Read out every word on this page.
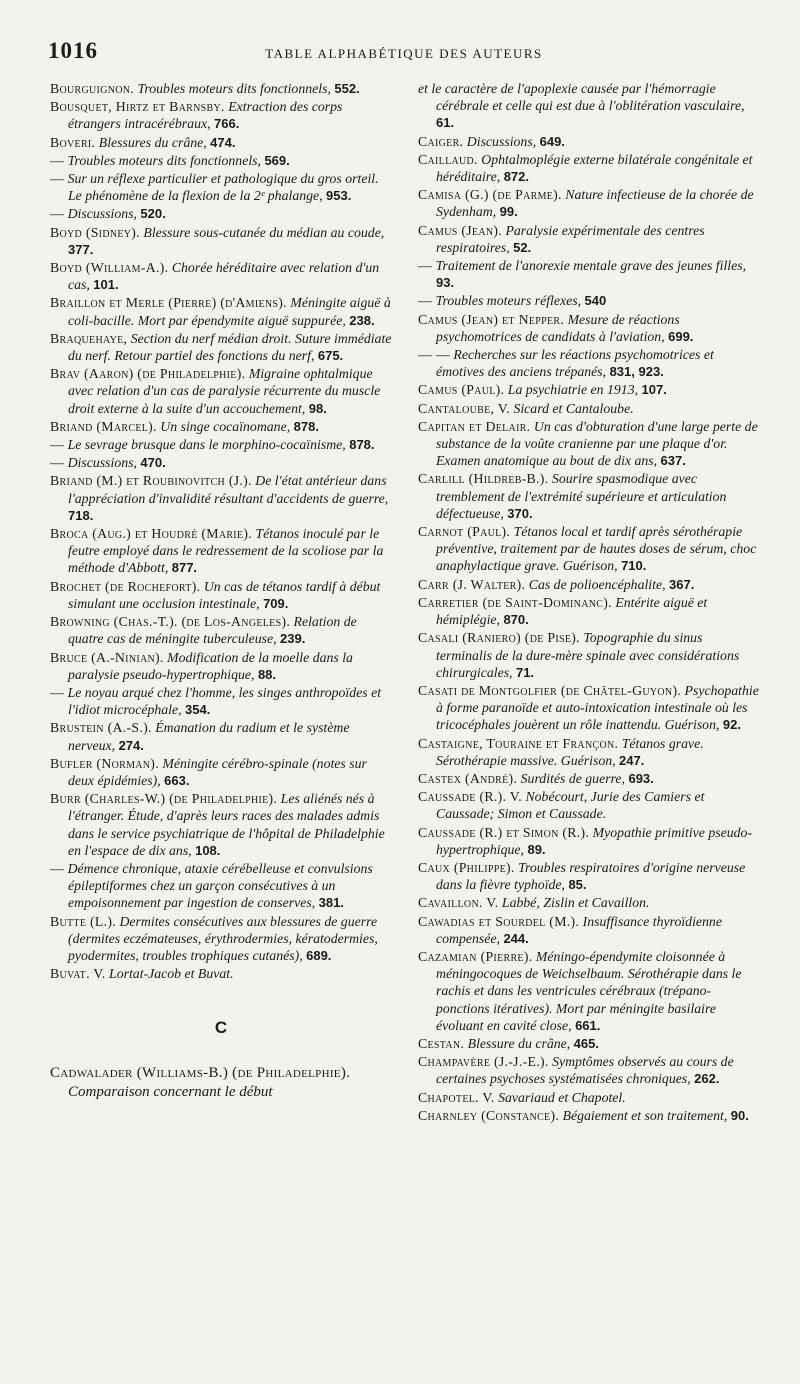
1016	TABLE ALPHABÉTIQUE DES AUTEURS

Bourguignon. Troubles moteurs dits fonctionnels, 552.

Bousquet, Hirtz et Barnsby. Extraction des corps étrangers intracérébraux, 766.

Boveri. Blessures du crâne, 474.

— Troubles moteurs dits fonctionnels, 569.

— Sur un réflexe particulier et pathologique du gros orteil. Le phénomène de la flexion de la 2ᵉ phalange, 953.

— Discussions, 520.

Boyd (Sidney). Blessure sous-cutanée du médian au coude, 377.

Boyd (William-A.). Chorée héréditaire avec relation d'un cas, 101.

Braillon et Merle (Pierre) (d'Amiens). Méningite aiguë à coli-bacille. Mort par épendymite aiguë suppurée, 238.

Braquehaye, Section du nerf médian droit. Suture immédiate du nerf. Retour partiel des fonctions du nerf, 675.

Brav (Aaron) (de Philadelphie). Migraine ophtalmique avec relation d'un cas de paralysie récurrente du muscle droit externe à la suite d'un accouchement, 98.

Briand (Marcel). Un singe cocaïnomane, 878.

— Le sevrage brusque dans le morphino-cocaïnisme, 878.

— Discussions, 470.

Briand (M.) et Roubinovitch (J.). De l'état antérieur dans l'appréciation d'invalidité résultant d'accidents de guerre, 718.

Broca (Aug.) et Houdré (Marie). Tétanos inoculé par le feutre employé dans le redressement de la scoliose par la méthode d'Abbott, 877.

Brochet (de Rochefort). Un cas de tétanos tardif à début simulant une occlusion intestinale, 709.

Browning (Chas.-T.). (de Los-Angeles). Relation de quatre cas de méningite tuberculeuse, 239.

Bruce (A.-Ninian). Modification de la moelle dans la paralysie pseudo-hypertrophique, 88.

— Le noyau arqué chez l'homme, les singes anthropoïdes et l'idiot microcéphale, 354.

Brustein (A.-S.). Émanation du radium et le système nerveux, 274.

Bufler (Norman). Méningite cérébro-spinale (notes sur deux épidémies), 663.

Burr (Charles-W.) (de Philadelphie). Les aliénés nés à l'étranger. Étude, d'après leurs races des malades admis dans le service psychiatrique de l'hôpital de Philadelphie en l'espace de dix ans, 108.

— Démence chronique, ataxie cérébelleuse et convulsions épileptiformes chez un garçon consécutives à un empoisonnement par ingestion de conserves, 381.

Butte (L.). Dermites consécutives aux blessures de guerre (dermites eczémateuses, érythrodermies, kératodermies, pyodermites, troubles trophiques cutanés), 689.

Buvat. V. Lortat-Jacob et Buvat.

C

Cadwalader (Williams-B.) (de Philadelphie). Comparaison concernant le début

et le caractère de l'apoplexie causée par l'hémorragie cérébrale et celle qui est due à l'oblitération vasculaire, 61.

Caiger. Discussions, 649.

Caillaud. Ophtalmoplégie externe bilatérale congénitale et héréditaire, 872.

Camisa (G.) (de Parme). Nature infectieuse de la chorée de Sydenham, 99.

Camus (Jean). Paralysie expérimentale des centres respiratoires, 52.

— Traitement de l'anorexie mentale grave des jeunes filles, 93.

— Troubles moteurs réflexes, 540

Camus (Jean) et Nepper. Mesure de réactions psychomotrices de candidats à l'aviation, 699.

— — Recherches sur les réactions psychomotrices et émotives des anciens trépanés, 831, 923.

Camus (Paul). La psychiatrie en 1913, 107.

Cantaloube, V. Sicard et Cantaloube.

Capitan et Delair. Un cas d'obturation d'une large perte de substance de la voûte cranienne par une plaque d'or. Examen anatomique au bout de dix ans, 637.

Carlill (Hildreb-B.). Sourire spasmodique avec tremblement de l'extrémité supérieure et articulation défectueuse, 370.

Carnot (Paul). Tétanos local et tardif après sérothérapie préventive, traitement par de hautes doses de sérum, choc anaphylactique grave. Guérison, 710.

Carr (J. Walter). Cas de polioencéphalite, 367.

Carretier (de Saint-Dominanc). Entérite aiguë et hémiplégie, 870.

Casali (Raniero) (de Pise). Topographie du sinus terminalis de la dure-mère spinale avec considérations chirurgicales, 71.

Casati de Montgolfier (de Châtel-Guyon). Psychopathie à forme paranoïde et auto-intoxication intestinale où les tricocéphales jouèrent un rôle inattendu. Guérison, 92.

Castaigne, Touraine et Françon. Tétanos grave. Sérothérapie massive. Guérison, 247.

Castex (André). Surdités de guerre, 693.

Caussade (R.). V. Nobécourt, Jurie des Camiers et Caussade; Simon et Caussade.

Caussade (R.) et Simon (R.). Myopathie primitive pseudo-hypertrophique, 89.

Caux (Philippe). Troubles respiratoires d'origine nerveuse dans la fièvre typhoïde, 85.

Cavaillon. V. Labbé, Zislin et Cavaillon.

Cawadias et Sourdel (M.). Insuffisance thyroïdienne compensée, 244.

Cazamian (Pierre). Méningo-épendymite cloisonnée à méningocoques de Weichselbaum. Sérothérapie dans le rachis et dans les ventricules cérébraux (trépano-ponctions itératives). Mort par méningite basilaire évoluant en cavité close, 661.

Cestan. Blessure du crâne, 465.

Champavère (J.-J.-E.). Symptômes observés au cours de certaines psychoses systématisées chroniques, 262.

Chapotel. V. Savariaud et Chapotel.

Charnley (Constance). Bégaiement et son traitement, 90.
